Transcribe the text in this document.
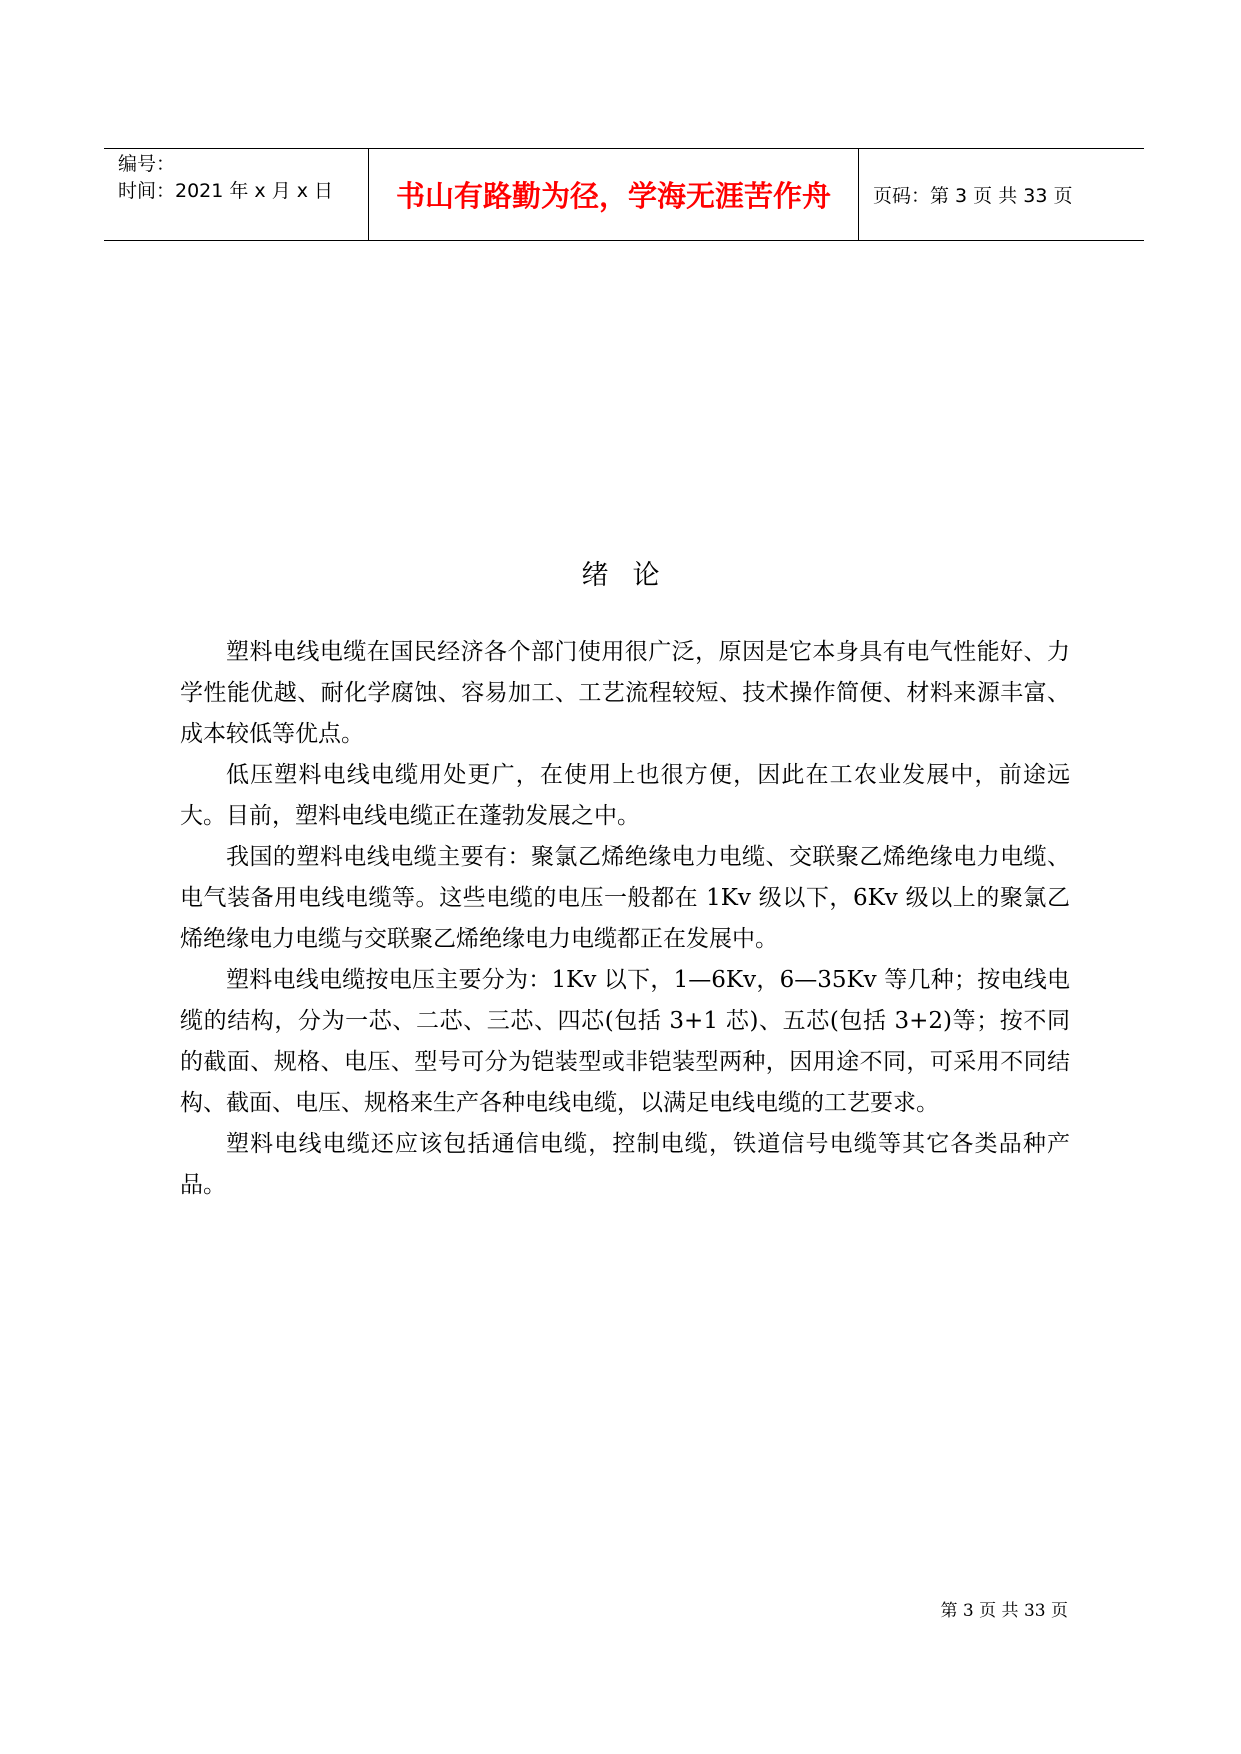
编号：
时间：2021 年 x 月 x 日	书山有路勤为径，学海无涯苦作舟 页码：第 3 页 共 33 页
绪论

塑料电线电缆在国民经济各个部门使用很广泛，原因是它本身具有电气性能好、力学性能优越、耐化学腐蚀、容易加工、工艺流程较短、技术操作简便、材料来源丰富、成本较低等优点。

低压塑料电线电缆用处更广，在使用上也很方便，因此在工农业发展中，前途远大。目前，塑料电线电缆正在蓬勃发展之中。

我国的塑料电线电缆主要有：聚氯乙烯绝缘电力电缆、交联聚乙烯绝缘电力电缆、电气装备用电线电缆等。这些电缆的电压一般都在 1Kv 级以下，6Kv 级以上的聚氯乙烯绝缘电力电缆与交联聚乙烯绝缘电力电缆都正在发展中。

塑料电线电缆按电压主要分为：1Kv 以下，1—6Kv，6—35Kv 等几种；按电线电缆的结构，分为一芯、二芯、三芯、四芯(包括 3+1 芯)、五芯(包括 3+2)等；按不同的截面、规格、电压、型号可分为铠装型或非铠装型两种，因用途不同，可采用不同结构、截面、电压、规格来生产各种电线电缆，以满足电线电缆的工艺要求。

塑料电线电缆还应该包括通信电缆，控制电缆，铁道信号电缆等其它各类品种产品。

第 3 页 共 33 页
